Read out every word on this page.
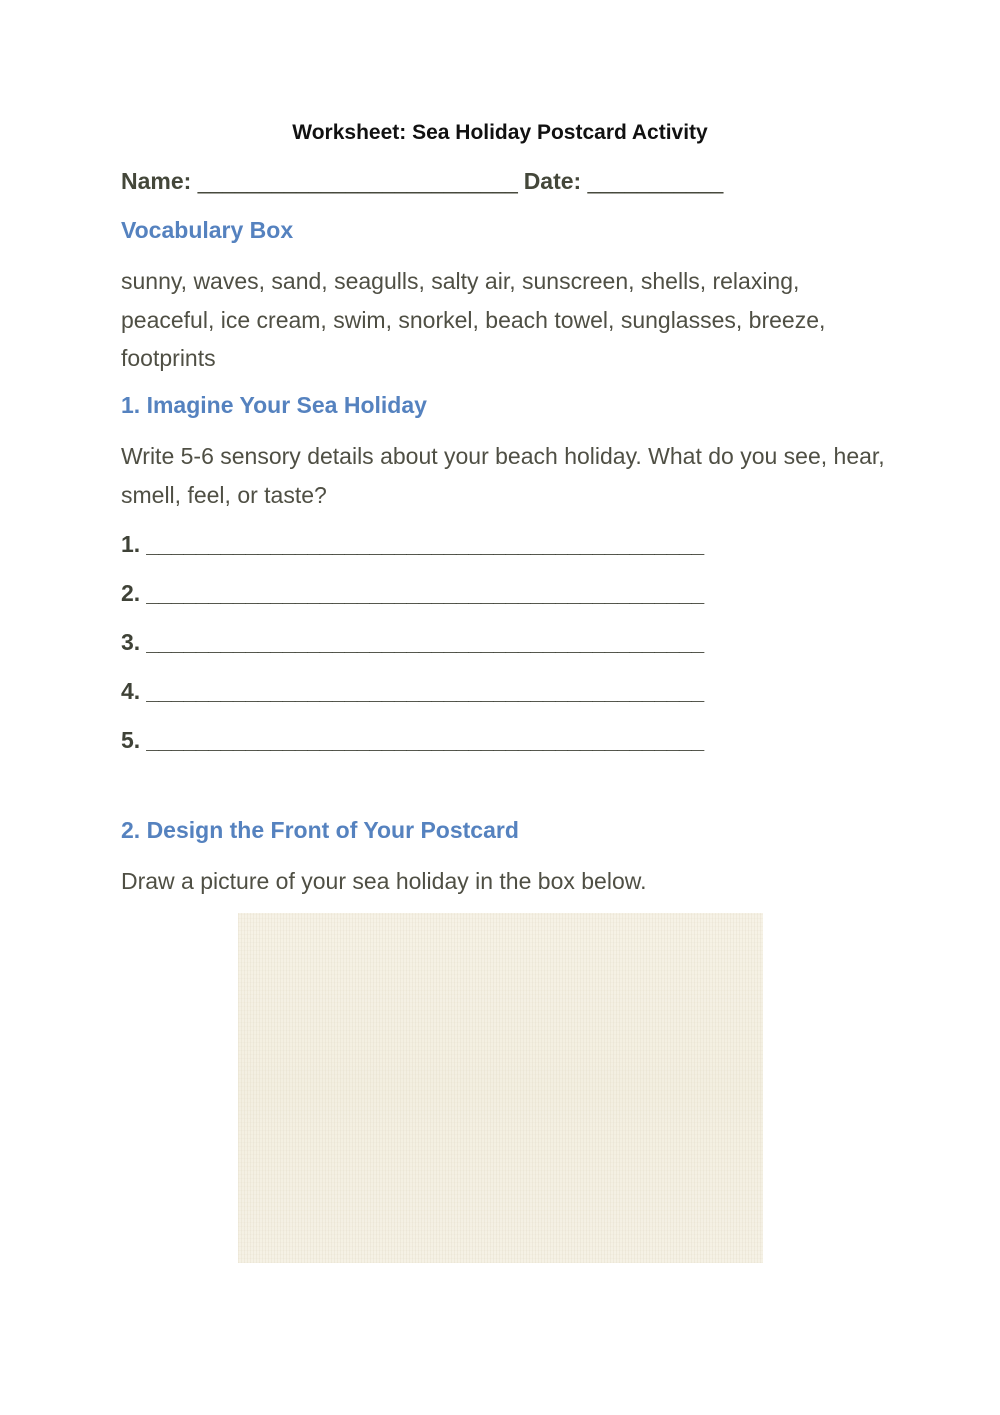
Worksheet: Sea Holiday Postcard Activity

Name: __________________________ Date: ___________

Vocabulary Box

sunny, waves, sand, seagulls, salty air, sunscreen, shells, relaxing, peaceful, ice cream, swim, snorkel, beach towel, sunglasses, breeze, footprints

1. Imagine Your Sea Holiday

Write 5-6 sensory details about your beach holiday. What do you see, hear, smell, feel, or taste?

1. _____________________________________________
2. _____________________________________________
3. _____________________________________________
4. _____________________________________________
5. _____________________________________________
2. Design the Front of Your Postcard

Draw a picture of your sea holiday in the box below.
